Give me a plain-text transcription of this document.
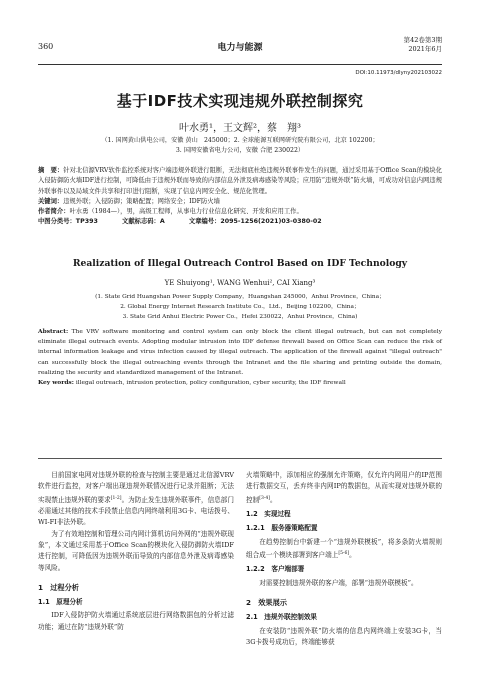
360	电力与能源
第42卷第3期
2021年6月
DOI:10.11973/dlyny202103022
基于IDF技术实现违规外联控制探究
叶水勇¹，王文辉²，蔡　翔³
（1. 国网黄山供电公司，安徽 黄山　245000；2. 全球能源互联网研究院有限公司，北京 102200；
3. 国网安徽省电力公司，安徽 合肥 230022）
摘　要：针对北信源VRV软件监控系统对客户端违规外联进行阻断，无法彻底杜绝违规外联事件发生的问题，通过采用基于Office Scan的模块化入侵防御防火墙IDF进行控制，可降低由于违规外联而导致的内部信息外泄及病毒感染等风险；应用防“违规外联”防火墙，可成功对信息内网违规外联事件以及局域文件共享和打印进行阻断，实现了信息内网安全化、规范化管理。
关键词：违规外联；入侵防御；策略配置；网络安全；IDF防火墙
作者简介：叶水勇（1984—），男，高级工程师，从事电力行业信息化研究、开发和应用工作。
中图分类号：TP393	文献标志码：A	文章编号：2095-1256(2021)03-0380-02
Realization of Illegal Outreach Control Based on IDF Technology
YE Shuiyong¹, WANG Wenhui², CAI Xiang³
(1. State Grid Huangshan Power Supply Company，Huangshan 245000，Anhui Province，China；
2. Global Energy Internet Research Institute Co.，Ltd.，Beijing 102200，China；
3. State Grid Anhui Electric Power Co.，Hefei 230022，Anhui Province，China)
Abstract: The VRV software monitoring and control system can only block the client illegal outreach, but can not completely eliminate illegal outreach events. Adopting modular intrusion into IDF defense firewall based on Office Scan can reduce the risk of internal information leakage and virus infection caused by illegal outreach. The application of the firewall against "illegal outreach" can successfully block the illegal outreaching events through the Intranet and the file sharing and printing outside the domain, realizing the security and standardized management of the Intranet.
Key words: illegal outreach, intrusion protection, policy configuration, cyber security, the IDF firewall

目前国家电网对违规外联的检查与控制主要是通过北信源VRV软件进行监控，对客户端出现违规外联情况进行记录并阻断；无法实现禁止违规外联的要求[1-2]。为防止发生违规外联事件，信息部门必需通过其他的技术手段禁止信息内网终端利用3G卡、电话拨号、WI-FI非法外联。

为了有效地控制和管理公司内网计算机访问外网的“违规外联现象”，本文通过采用基于Office Scan的模块化入侵防御防火墙IDF进行控制，可降低因为违规外联而导致的内部信息外泄及病毒感染等风险。

1　过程分析
1.1　原理分析

IDF入侵防护防火墙通过系统底层进行网络数据包的分析过滤功能；通过在防“违规外联”防

火墙策略中，添加相应的强制允许策略，仅允许内网用户的IP范围进行数据交互，丢弃终非内网IP的数据包，从而实现对违规外联的控制[3-4]。

1.2　实现过程
1.2.1　服务器策略配置

在趋势控制台中新建一个“违规外联模板”，将多条防火墙规则组合成一个模块部署到客户端上[5-6]。

1.2.2　客户端部署

对需要控制违规外联的客户端，部署“违规外联模板”。

2　效果展示
2.1　违规外联控制效果

在安装防“违规外联”防火墙的信息内网终端上安装3G卡，当3G卡拨号成功后，终端能够获
